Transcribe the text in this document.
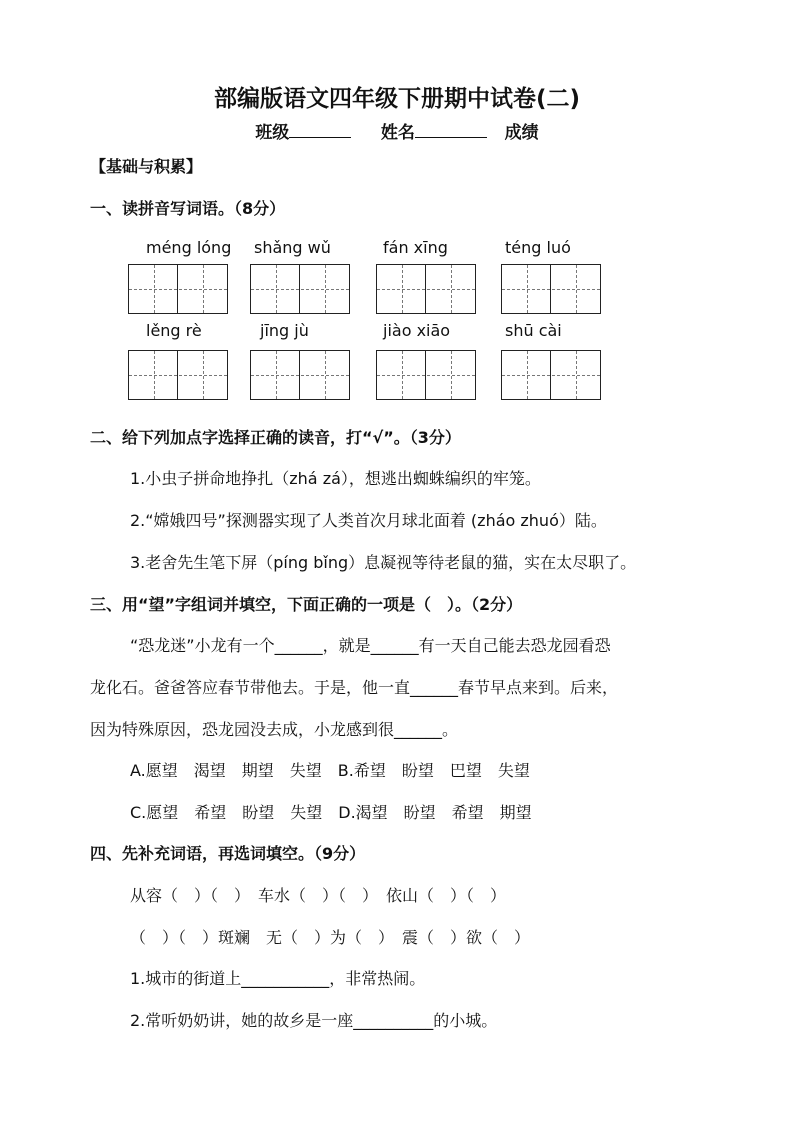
部编版语文四年级下册期中试卷(二)
班级	姓名	成绩
【基础与积累】
一、读拼音写词语。（8分）
méng lóng shǎng wǔ	fán xīng	téng luó
lěng rè	jīng jù	jiào xiāo	shū cài
二、给下列加点字选择正确的读音，打“√”。（3分）
1.小虫子拼命地挣扎（zhá zá），想逃出蜘蛛编织的牢笼。
2.“嫦娥四号”探测器实现了人类首次月球北面着 (zháo zhuó）陆。
3.老舍先生笔下屏（píng bǐng）息凝视等待老鼠的猫，实在太尽职了。
三、用“望”字组词并填空，下面正确的一项是（　）。（2分）
“恐龙迷”小龙有一个______，就是______有一天自己能去恐龙园看恐
龙化石。爸爸答应春节带他去。于是，他一直______春节早点来到。后来，
因为特殊原因，恐龙园没去成，小龙感到很______。
A.愿望　渴望　期望　失望　B.希望　盼望　巴望　失望
C.愿望　希望　盼望　失望　D.渴望　盼望　希望　期望
四、先补充词语，再选词填空。（9分）
从容（　）（　）　车水（　）（　）　依山（　）（　）
（　）（　）斑斓　无（　）为（　）　震（　）欲（　）
1.城市的街道上___________，非常热闹。
2.常听奶奶讲，她的故乡是一座__________的小城。
